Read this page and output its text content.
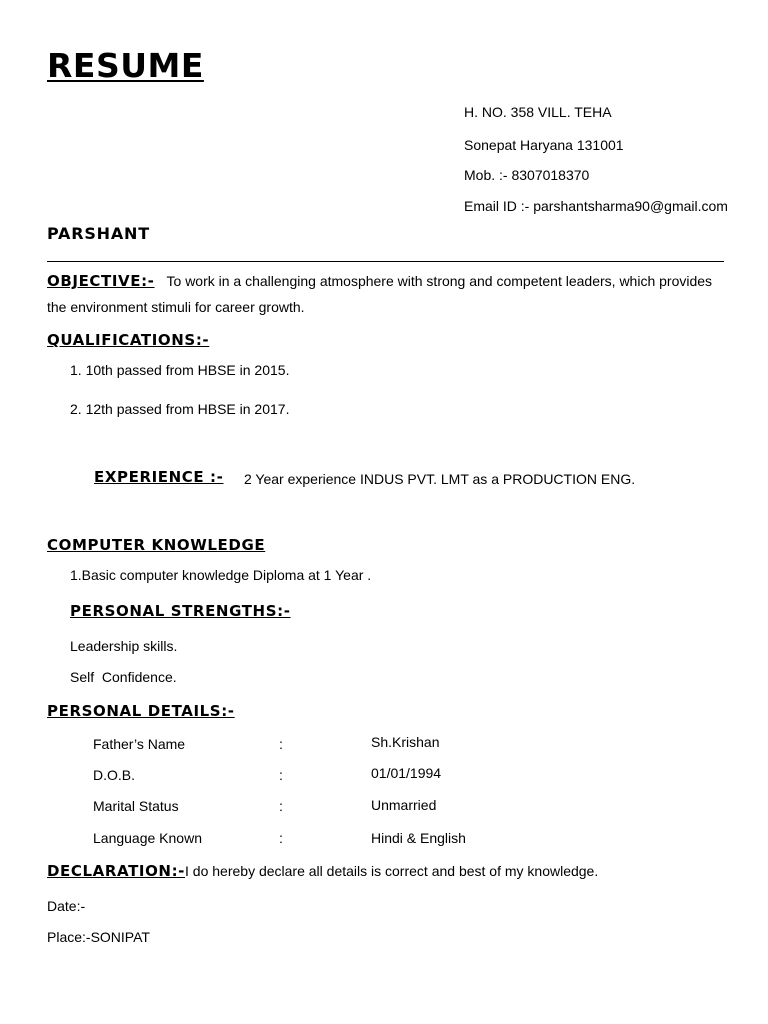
RESUME
H. NO. 358 VILL. TEHA
Sonepat Haryana 131001
Mob. :- 8307018370
Email ID :- parshantsharma90@gmail.com
PARSHANT
OBJECTIVE:- To work in a challenging atmosphere with strong and competent leaders, which provides the environment stimuli for career growth.
QUALIFICATIONS:-
1. 10th passed from HBSE in 2015.
2. 12th passed from HBSE in 2017.
EXPERIENCE :- 2 Year experience INDUS PVT. LMT as a PRODUCTION ENG.
COMPUTER KNOWLEDGE
1.Basic computer knowledge Diploma at 1 Year .
PERSONAL STRENGTHS:-
Leadership skills.
Self  Confidence.
PERSONAL DETAILS:-
Father’s Name	:	Sh.Krishan
D.O.B.	:	01/01/1994
Marital Status	:	Unmarried
Language Known	:	Hindi & English
DECLARATION:-I do hereby declare all details is correct and best of my knowledge.
Date:-
Place:-SONIPAT
